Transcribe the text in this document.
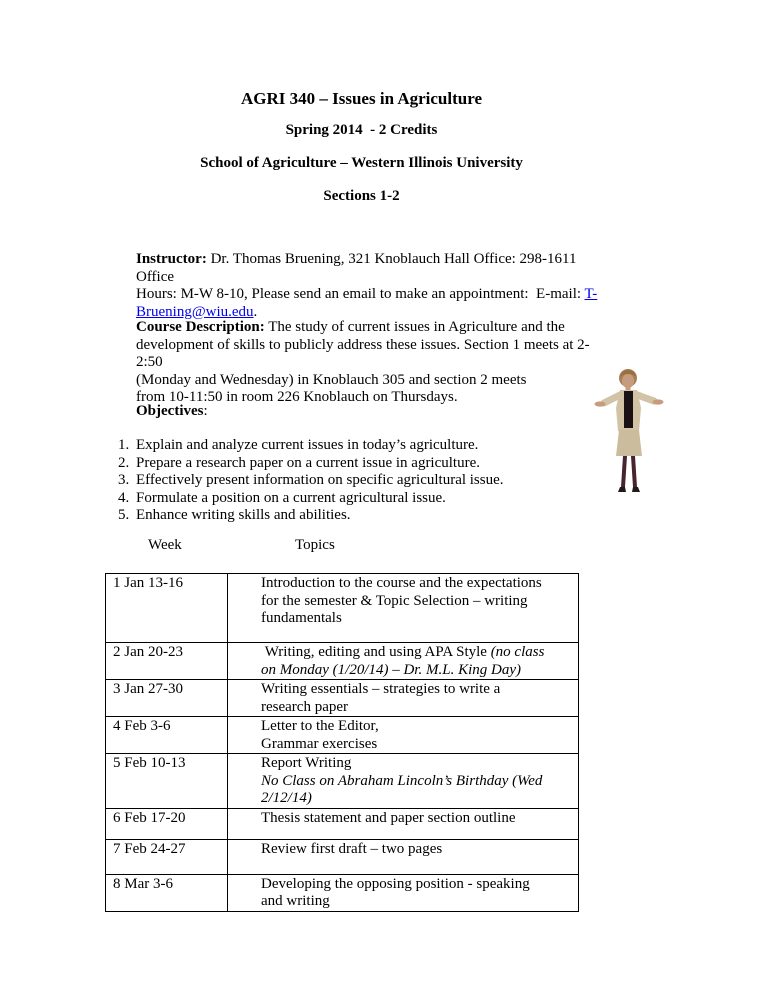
AGRI 340 – Issues in Agriculture
Spring 2014  - 2 Credits
School of Agriculture – Western Illinois University
Sections 1-2
Instructor: Dr. Thomas Bruening, 321 Knoblauch Hall Office: 298-1611 Office
Hours: M-W 8-10, Please send an email to make an appointment:  E-mail: T-
Bruening@wiu.edu.
Course Description: The study of current issues in Agriculture and the
development of skills to publicly address these issues. Section 1 meets at 2-2:50
(Monday and Wednesday) in Knoblauch 305 and section 2 meets
from 10-11:50 in room 226 Knoblauch on Thursdays.
Objectives:
1. Explain and analyze current issues in today’s agriculture.
2. Prepare a research paper on a current issue in agriculture.
3. Effectively present information on specific agricultural issue.
4. Formulate a position on a current agricultural issue.
5. Enhance writing skills and abilities.
Week	Topics
1 Jan 13-16	Introduction to the course and the expectations
for the semester & Topic Selection – writing
fundamentals

2 Jan 20-23	Writing, editing and using APA Style (no class
on Monday (1/20/14) – Dr. M.L. King Day)

3 Jan 27-30	Writing essentials – strategies to write a
research paper

4 Feb 3-6	Letter to the Editor,
Grammar exercises

5 Feb 10-13	Report Writing
No Class on Abraham Lincoln’s Birthday (Wed
2/12/14)

6 Feb 17-20	Thesis statement and paper section outline

7 Feb 24-27	Review first draft – two pages

8 Mar 3-6	Developing the opposing position - speaking
and writing
